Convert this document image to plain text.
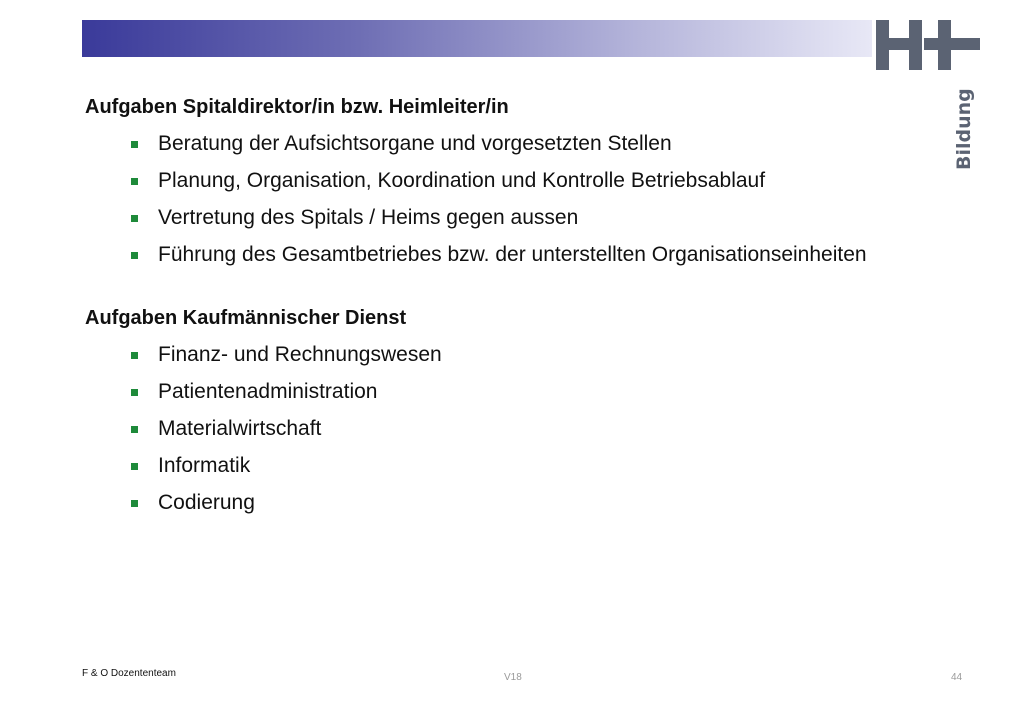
Bildung
Aufgaben Spitaldirektor/in bzw. Heimleiter/in
Beratung der Aufsichtsorgane und vorgesetzten Stellen
Planung, Organisation, Koordination und Kontrolle Betriebsablauf
Vertretung des Spitals / Heims gegen aussen
Führung des Gesamtbetriebes bzw. der unterstellten Organisationseinheiten
Aufgaben Kaufmännischer Dienst
Finanz- und Rechnungswesen
Patientenadministration
Materialwirtschaft
Informatik
Codierung
F & O Dozententeam	V18	44
